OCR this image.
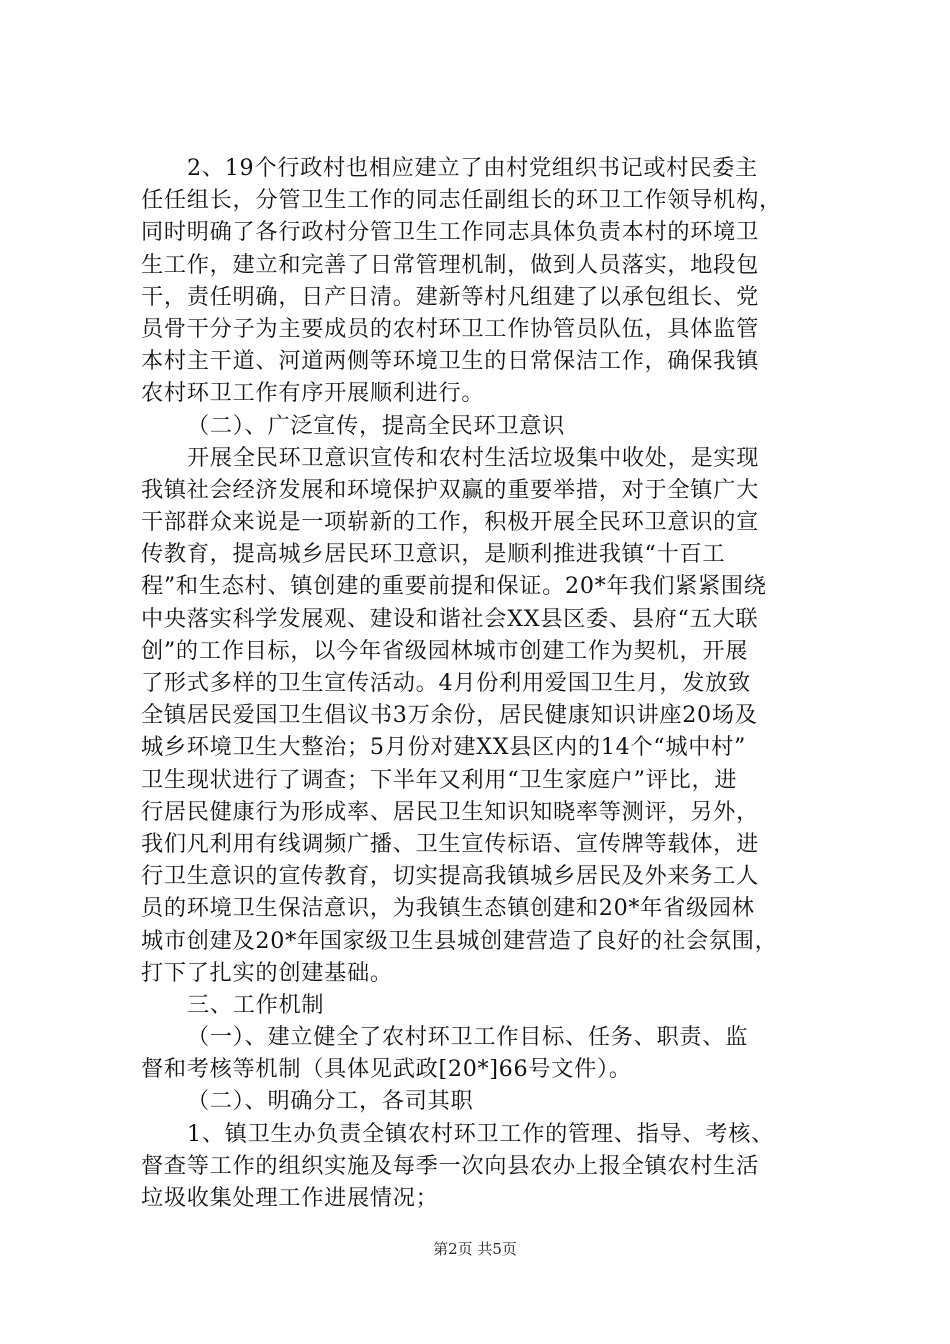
2、19个行政村也相应建立了由村党组织书记或村民委主
任任组长，分管卫生工作的同志任副组长的环卫工作领导机构，
同时明确了各行政村分管卫生工作同志具体负责本村的环境卫
生工作，建立和完善了日常管理机制，做到人员落实，地段包
干，责任明确，日产日清。建新等村凡组建了以承包组长、党
员骨干分子为主要成员的农村环卫工作协管员队伍，具体监管
本村主干道、河道两侧等环境卫生的日常保洁工作，确保我镇
农村环卫工作有序开展顺利进行。
（二）、广泛宣传，提高全民环卫意识
开展全民环卫意识宣传和农村生活垃圾集中收处，是实现
我镇社会经济发展和环境保护双赢的重要举措，对于全镇广大
干部群众来说是一项崭新的工作，积极开展全民环卫意识的宣
传教育，提高城乡居民环卫意识，是顺利推进我镇“十百工
程”和生态村、镇创建的重要前提和保证。20*年我们紧紧围绕
中央落实科学发展观、建设和谐社会XX县区委、县府“五大联
创”的工作目标，以今年省级园林城市创建工作为契机，开展
了形式多样的卫生宣传活动。4月份利用爱国卫生月，发放致
全镇居民爱国卫生倡议书3万余份，居民健康知识讲座20场及
城乡环境卫生大整治；5月份对建XX县区内的14个“城中村”
卫生现状进行了调查；下半年又利用“卫生家庭户”评比，进
行居民健康行为形成率、居民卫生知识知晓率等测评，另外，
我们凡利用有线调频广播、卫生宣传标语、宣传牌等载体，进
行卫生意识的宣传教育，切实提高我镇城乡居民及外来务工人
员的环境卫生保洁意识，为我镇生态镇创建和20*年省级园林
城市创建及20*年国家级卫生县城创建营造了良好的社会氛围，
打下了扎实的创建基础。
三、工作机制
（一）、建立健全了农村环卫工作目标、任务、职责、监
督和考核等机制（具体见武政[20*]66号文件）。
（二）、明确分工，各司其职
1、镇卫生办负责全镇农村环卫工作的管理、指导、考核、
督查等工作的组织实施及每季一次向县农办上报全镇农村生活
垃圾收集处理工作进展情况；
第2页 共5页
